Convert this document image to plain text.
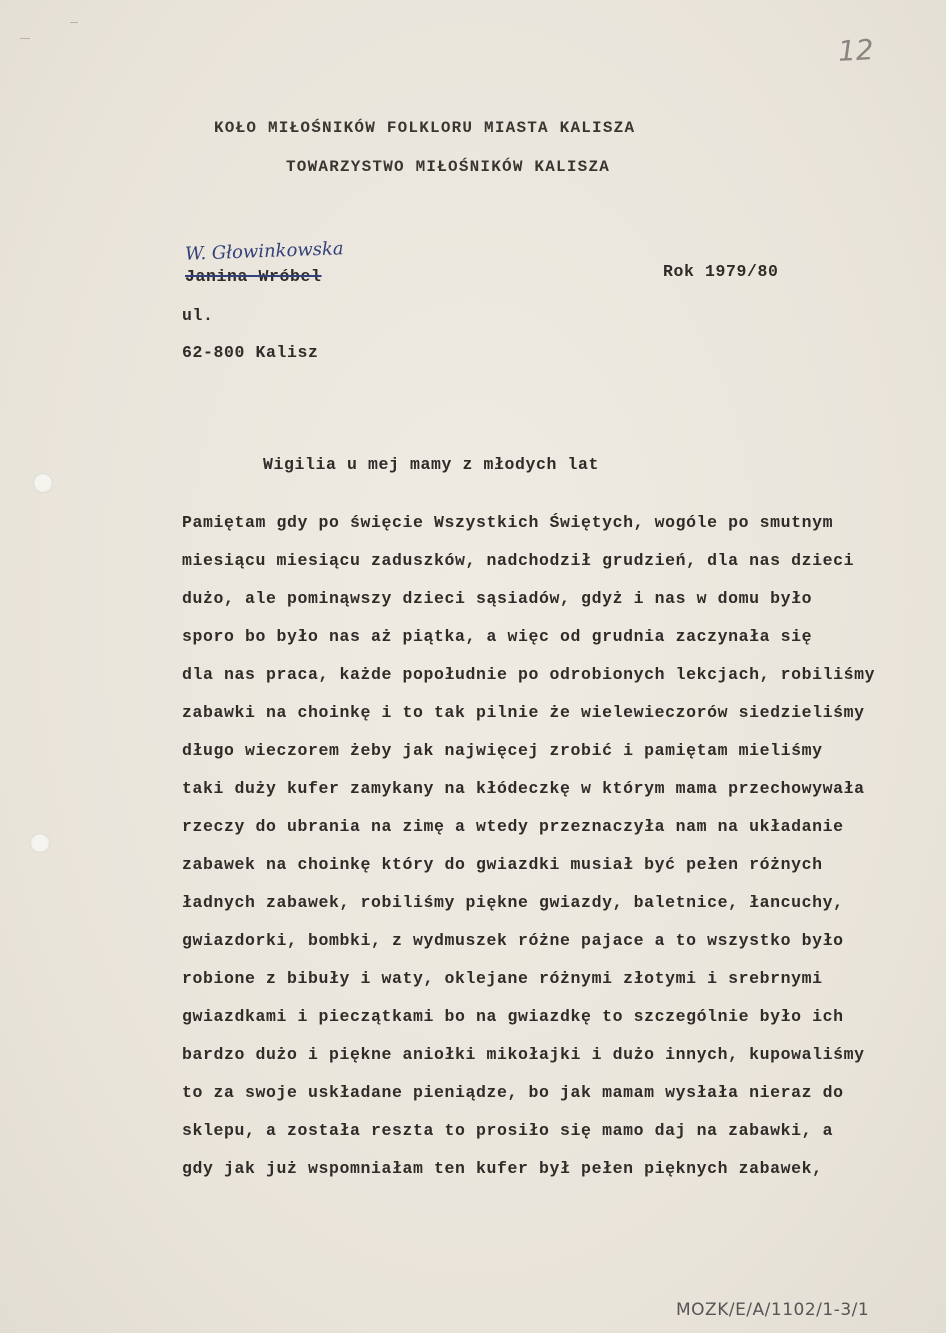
12
KOŁO MIŁOŚNIKÓW FOLKLORU MIASTA KALISZA
TOWARZYSTWO MIŁOŚNIKÓW KALISZA
W. Głowinkowska
Janina Wróbel	Rok 1979/80
ul.
62-800 Kalisz
Wigilia u mej mamy z młodych lat
Pamiętam gdy po święcie Wszystkich Świętych, wogóle po smutnym
miesiącu miesiącu zaduszków, nadchodził grudzień, dla nas dzieci
dużo, ale pominąwszy dzieci sąsiadów, gdyż i nas w domu było
sporo bo było nas aż piątka, a więc od grudnia zaczynała się
dla nas praca, każde popołudnie po odrobionych lekcjach, robiliśmy
zabawki na choinkę i to tak pilnie że wielewieczorów siedzieliśmy
długo wieczorem żeby jak najwięcej zrobić i pamiętam mieliśmy
taki duży kufer zamykany na kłódeczkę w którym mama przechowywała
rzeczy do ubrania na zimę a wtedy przeznaczyła nam na układanie
zabawek na choinkę który do gwiazdki musiał być pełen różnych
ładnych zabawek, robiliśmy piękne gwiazdy, baletnice, łancuchy,
gwiazdorki, bombki, z wydmuszek różne pajace a to wszystko było
robione z bibuły i waty, oklejane różnymi złotymi i srebrnymi
gwiazdkami i pieczątkami bo na gwiazdkę to szczególnie było ich
bardzo dużo i piękne aniołki mikołajki i dużo innych, kupowaliśmy
to za swoje uskładane pieniądze, bo jak mamam wysłała nieraz do
sklepu, a została reszta to prosiło się mamo daj na zabawki, a
gdy jak już wspomniałam ten kufer był pełen pięknych zabawek,
MOZK/E/A/1102/1-3/1
